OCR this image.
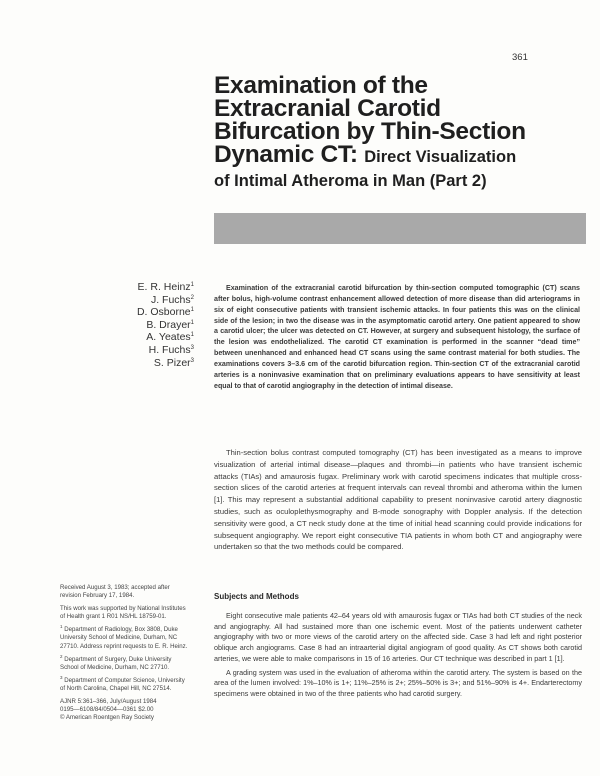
361
Examination of the
Extracranial Carotid
Bifurcation by Thin-Section
Dynamic CT: Direct Visualization
of Intimal Atheroma in Man (Part 2)
E. R. Heinz$^1$
J. Fuchs$^2$
D. Osborne$^1$
B. Drayer$^1$
A. Yeates$^1$
H. Fuchs$^3$
S. Pizer$^3$
Examination of the extracranial carotid bifurcation by thin-section computed tomographic (CT) scans after bolus, high-volume contrast enhancement allowed detection of more disease than did arteriograms in six of eight consecutive patients with transient ischemic attacks. In four patients this was on the clinical side of the lesion; in two the disease was in the asymptomatic carotid artery. One patient appeared to show a carotid ulcer; the ulcer was detected on CT. However, at surgery and subsequent histology, the surface of the lesion was endothelialized. The carotid CT examination is performed in the scanner “dead time” between unenhanced and enhanced head CT scans using the same contrast material for both studies. The examinations covers 3–3.6 cm of the carotid bifurcation region. Thin-section CT of the extracranial carotid arteries is a noninvasive examination that on preliminary evaluations appears to have sensitivity at least equal to that of carotid angiography in the detection of intimal disease.
Thin-section bolus contrast computed tomography (CT) has been investigated as a means to improve visualization of arterial intimal disease—plaques and thrombi—in patients who have transient ischemic attacks (TIAs) and amaurosis fugax. Preliminary work with carotid specimens indicates that multiple cross-section slices of the carotid arteries at frequent intervals can reveal thrombi and atheroma within the lumen [1]. This may represent a substantial additional capability to present noninvasive carotid artery diagnostic studies, such as oculoplethysmography and B-mode sonography with Doppler analysis. If the detection sensitivity were good, a CT neck study done at the time of initial head scanning could provide indications for subsequent angiography. We report eight consecutive TIA patients in whom both CT and angiography were undertaken so that the two methods could be compared.
Subjects and Methods

Eight consecutive male patients 42–64 years old with amaurosis fugax or TIAs had both CT studies of the neck and angiography. All had sustained more than one ischemic event. Most of the patients underwent catheter angiography with two or more views of the carotid artery on the affected side. Case 3 had left and right posterior oblique arch angiograms. Case 8 had an intraarterial digital angiogram of good quality. As CT shows both carotid arteries, we were able to make comparisons in 15 of 16 arteries. Our CT technique was described in part 1 [1].

A grading system was used in the evaluation of atheroma within the carotid artery. The system is based on the area of the lumen involved: 1%–10% is 1+; 11%–25% is 2+; 25%–50% is 3+; and 51%–90% is 4+. Endarterectomy specimens were obtained in two of the three patients who had carotid surgery.

Received August 3, 1983; accepted after revision February 17, 1984.

This work was supported by National Institutes of Health grant 1 R01 NS/HL 18759-01.

$^1$ Department of Radiology, Box 3808, Duke University School of Medicine, Durham, NC 27710. Address reprint requests to E. R. Heinz.

$^2$ Department of Surgery, Duke University School of Medicine, Durham, NC 27710.

$^3$ Department of Computer Science, University of North Carolina, Chapel Hill, NC 27514.

AJNR 5:361–366, July/August 1984

0195—6108/84/0504—0361 $2.00

© American Roentgen Ray Society
